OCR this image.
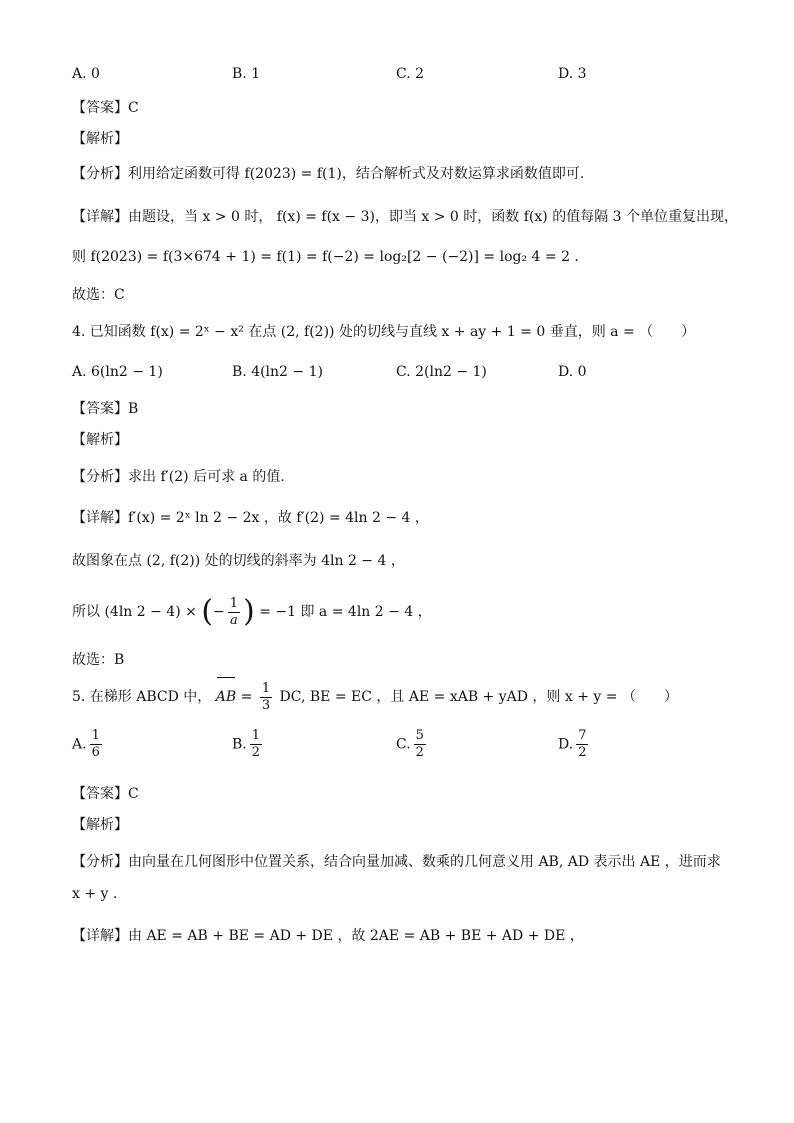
A. 0	B. 1	C. 2	D. 3
【答案】C
【解析】
【分析】利用给定函数可得 f(2023) = f(1)，结合解析式及对数运算求函数值即可.
【详解】由题设，当 x > 0 时， f(x) = f(x − 3)，即当 x > 0 时，函数 f(x) 的值每隔 3 个单位重复出现，
则 f(2023) = f(3×674 + 1) = f(1) = f(−2) = log₂[2 − (−2)] = log₂ 4 = 2 .
故选：C
4. 已知函数 f(x) = 2ˣ − x² 在点 (2, f(2)) 处的切线与直线 x + ay + 1 = 0 垂直，则 a = （　　）
A. 6(ln2 − 1)	B. 4(ln2 − 1)	C. 2(ln2 − 1)	D. 0
【答案】B
【解析】
【分析】求出 f′(2) 后可求 a 的值.
【详解】f′(x) = 2ˣ ln 2 − 2x ，故 f′(2) = 4ln 2 − 4 ，
故图象在点 (2, f(2)) 处的切线的斜率为 4ln 2 − 4 ，
所以 (4ln 2 − 4) × (− $\frac{1}{a}$ ) = −1 即 a = 4ln 2 − 4 ，
故选：B
5. 在梯形 ABCD 中， AB = $\frac{1}{3}$ DC, BE = EC ，且 AE = xAB + yAD ，则 x + y = （　　）
A. $\frac{1}{6}$	B. $\frac{1}{2}$	C. $\frac{5}{2}$	D. $\frac{7}{2}$
【答案】C
【解析】
【分析】由向量在几何图形中位置关系，结合向量加减、数乘的几何意义用 AB, AD 表示出 AE ，进而求
x + y .
【详解】由 AE = AB + BE = AD + DE ，故 2AE = AB + BE + AD + DE ，
